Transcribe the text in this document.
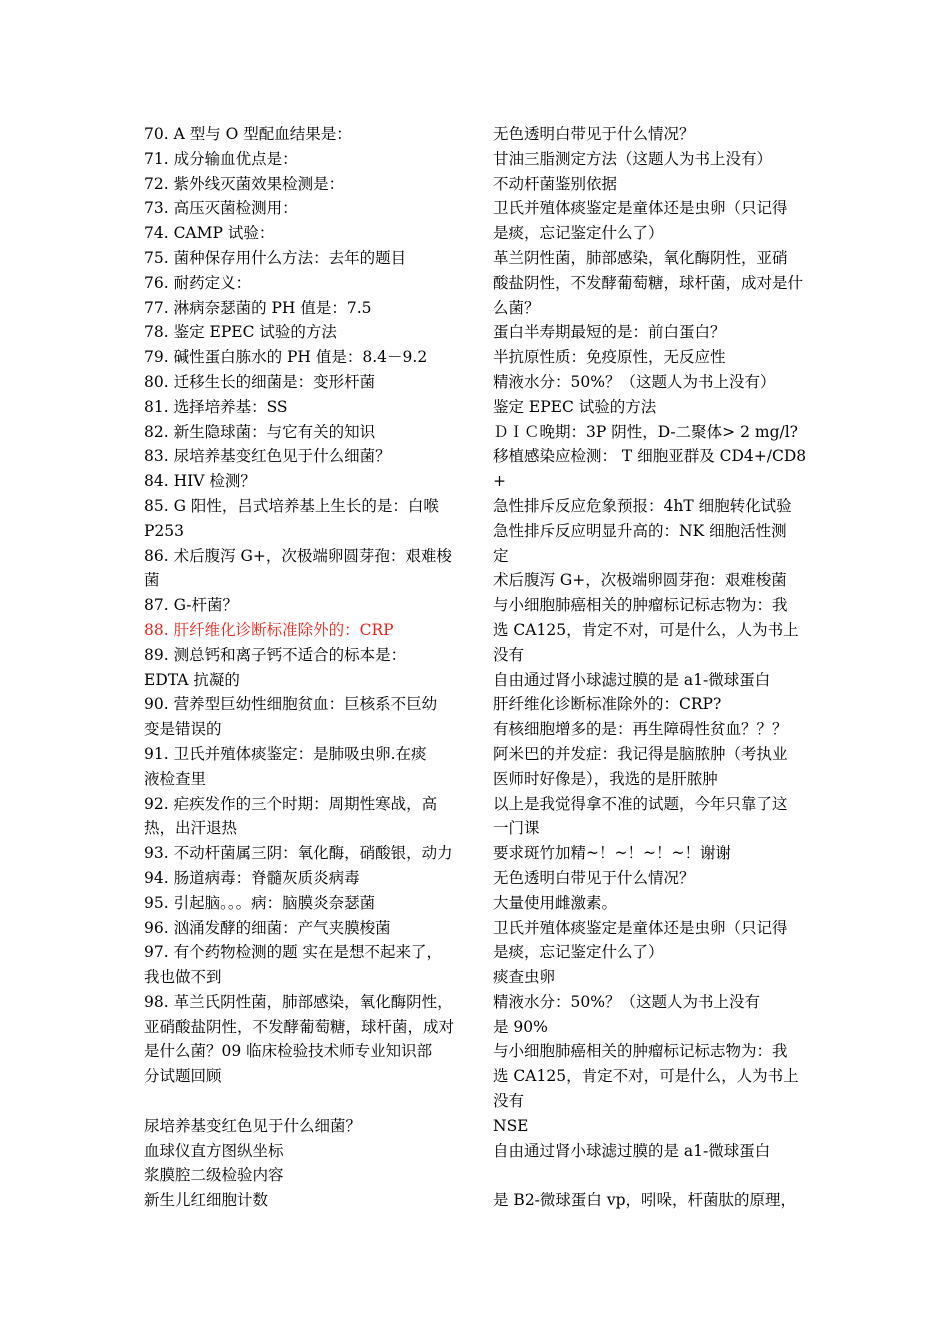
70. A 型与 O 型配血结果是：
71. 成分输血优点是：
72. 紫外线灭菌效果检测是：
73. 高压灭菌检测用：
74. CAMP 试验：
75. 菌种保存用什么方法：去年的题目
76. 耐药定义：
77. 淋病奈瑟菌的 PH 值是：7.5
78. 鉴定 EPEC 试验的方法
79. 碱性蛋白胨水的 PH 值是：8.4－9.2
80. 迁移生长的细菌是：变形杆菌
81. 选择培养基：SS
82. 新生隐球菌：与它有关的知识
83. 尿培养基变红色见于什么细菌？
84. HIV 检测？
85. G 阳性，吕式培养基上生长的是：白喉
P253
86. 术后腹泻 G+，次极端卵圆芽孢：艰难梭
菌
87. G-杆菌？
88. 肝纤维化诊断标准除外的：CRP
89. 测总钙和离子钙不适合的标本是：
EDTA 抗凝的
90. 营养型巨幼性细胞贫血：巨核系不巨幼
变是错误的
91. 卫氏并殖体痰鉴定：是肺吸虫卵.在痰
液检查里
92. 疟疾发作的三个时期：周期性寒战，高
热，出汗退热
93. 不动杆菌属三阴：氧化酶，硝酸银，动力
94. 肠道病毒：脊髓灰质炎病毒
95. 引起脑。。。病：脑膜炎奈瑟菌
96. 汹涌发酵的细菌：产气夹膜梭菌
97. 有个药物检测的题 实在是想不起来了，
我也做不到
98. 革兰氏阴性菌，肺部感染，氧化酶阴性，
亚硝酸盐阴性，不发酵葡萄糖，球杆菌，成对
是什么菌？09 临床检验技术师专业知识部
分试题回顾
尿培养基变红色见于什么细菌？
血球仪直方图纵坐标
浆膜腔二级检验内容
新生儿红细胞计数
无色透明白带见于什么情况？
甘油三脂测定方法（这题人为书上没有）
不动杆菌鉴别依据
卫氏并殖体痰鉴定是童体还是虫卵（只记得
是痰，忘记鉴定什么了）
革兰阴性菌，肺部感染，氧化酶阴性，亚硝
酸盐阴性，不发酵葡萄糖，球杆菌，成对是什
么菌？
蛋白半寿期最短的是：前白蛋白？
半抗原性质：免疫原性，无反应性
精液水分：50%？（这题人为书上没有）
鉴定 EPEC 试验的方法
ＤＩＣ晚期：3P 阴性，D-二聚体> 2 mg/l?
移植感染应检测： T 细胞亚群及 CD4+/CD8
+
急性排斥反应危象预报：4hT 细胞转化试验
急性排斥反应明显升高的：NK 细胞活性测
定
术后腹泻 G+，次极端卵圆芽孢：艰难梭菌
与小细胞肺癌相关的肿瘤标记标志物为：我
选 CA125，肯定不对，可是什么，人为书上
没有
自由通过肾小球滤过膜的是 a1-微球蛋白
肝纤维化诊断标准除外的：CRP?
有核细胞增多的是：再生障碍性贫血？？？
阿米巴的并发症：我记得是脑脓肿（考执业
医师时好像是），我选的是肝脓肿
以上是我觉得拿不准的试题，今年只靠了这
一门课
要求斑竹加精~！~！~！~！谢谢
无色透明白带见于什么情况？
大量使用雌激素。
卫氏并殖体痰鉴定是童体还是虫卵（只记得
是痰，忘记鉴定什么了）
痰查虫卵
精液水分：50%？（这题人为书上没有
是 90%
与小细胞肺癌相关的肿瘤标记标志物为：我
选 CA125，肯定不对，可是什么，人为书上
没有
NSE
自由通过肾小球滤过膜的是 a1-微球蛋白
是 B2-微球蛋白 vp，吲哚，杆菌肽的原理，
